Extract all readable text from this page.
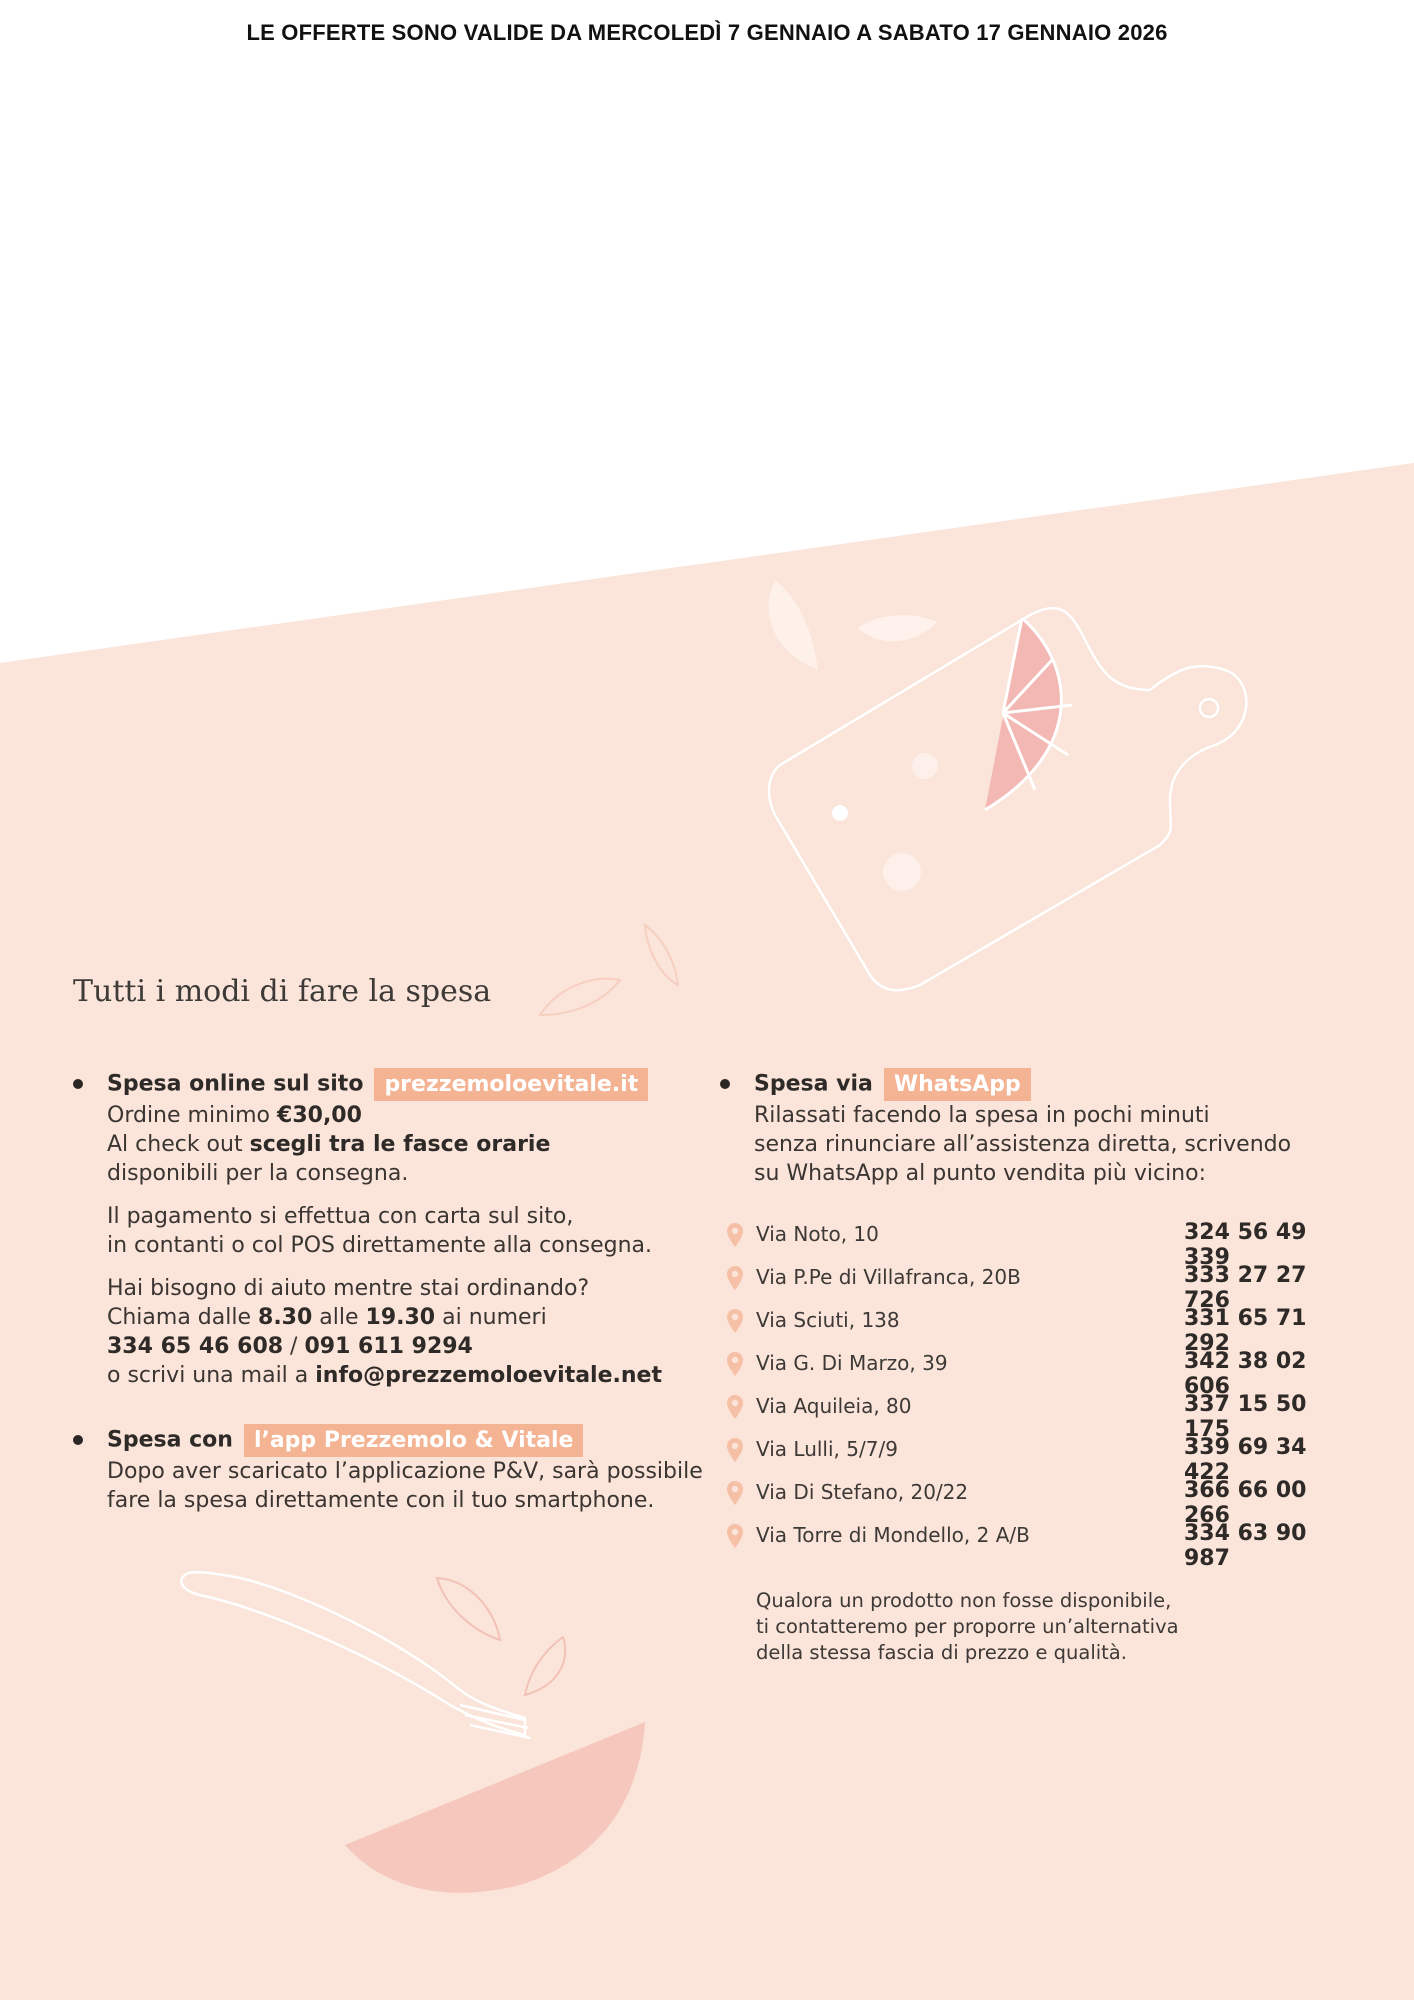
LE OFFERTE SONO VALIDE DA MERCOLEDÌ 7 GENNAIO A SABATO 17 GENNAIO 2026
Tutti i modi di fare la spesa
Spesa online sul sito prezzemoloevitale.it
Ordine minimo €30,00
Al check out scegli tra le fasce orarie
disponibili per la consegna.
Il pagamento si effettua con carta sul sito,
in contanti o col POS direttamente alla consegna.
Hai bisogno di aiuto mentre stai ordinando?
Chiama dalle 8.30 alle 19.30 ai numeri
334 65 46 608 / 091 611 9294
o scrivi una mail a info@prezzemoloevitale.net
Spesa con l’app Prezzemolo & Vitale
Dopo aver scaricato l’applicazione P&V, sarà possibile
fare la spesa direttamente con il tuo smartphone.
Spesa via WhatsApp
Rilassati facendo la spesa in pochi minuti
senza rinunciare all’assistenza diretta, scrivendo
su WhatsApp al punto vendita più vicino:
Via Noto, 10	324 56 49 339
Via P.Pe di Villafranca, 20B	333 27 27 726
Via Sciuti, 138	331 65 71 292
Via G. Di Marzo, 39	342 38 02 606
Via Aquileia, 80	337 15 50 175
Via Lulli, 5/7/9	339 69 34 422
Via Di Stefano, 20/22	366 66 00 266
Via Torre di Mondello, 2 A/B	334 63 90 987
Qualora un prodotto non fosse disponibile,
ti contatteremo per proporre un’alternativa
della stessa fascia di prezzo e qualità.
